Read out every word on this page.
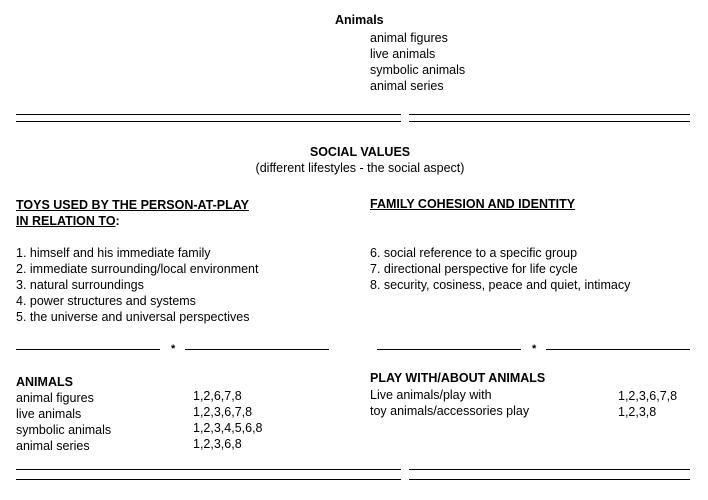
Animals
animal figures
live animals
symbolic animals
animal series
SOCIAL VALUES
(different lifestyles - the social aspect)
TOYS USED BY THE PERSON-AT-PLAY
IN RELATION TO:
FAMILY COHESION AND IDENTITY
1. himself and his immediate family
2. immediate surrounding/local environment
3. natural surroundings
4. power structures and systems
5. the universe and universal perspectives
6. social reference to a specific group
7. directional perspective for life cycle
8. security, cosiness, peace and quiet, intimacy
*	*
ANIMALS
animal figures
live animals
symbolic animals
animal series
1,2,6,7,8
1,2,3,6,7,8
1,2,3,4,5,6,8
1,2,3,6,8
PLAY WITH/ABOUT ANIMALS
Live animals/play with
toy animals/accessories play
1,2,3,6,7,8
1,2,3,8
